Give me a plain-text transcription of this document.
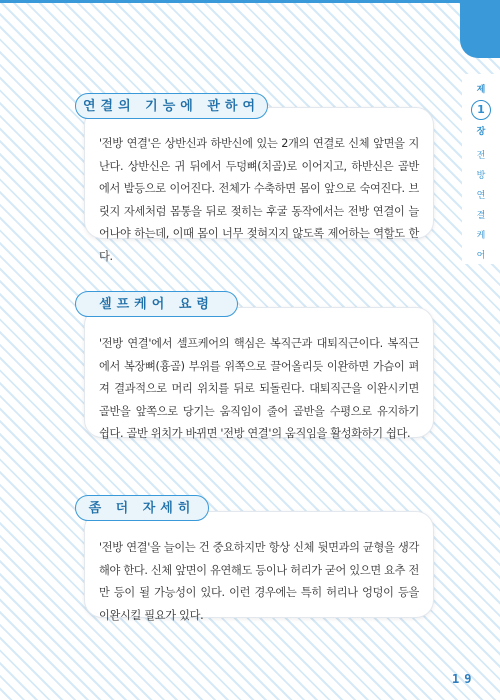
제
1
장
전
방
연
결
케
어

'전방 연결'은 상반신과 하반신에 있는 2개의 연결로 신체 앞면을 지난다. 상반신은 귀 뒤에서 두덩뼈(치골)로 이어지고, 하반신은 골반에서 발등으로 이어진다. 전체가 수축하면 몸이 앞으로 숙여진다. 브릿지 자세처럼 몸통을 뒤로 젖히는 후굴 동작에서는 전방 연결이 늘어나야 하는데, 이때 몸이 너무 젖혀지지 않도록 제어하는 역할도 한다.

연결의 기능에 관하여

'전방 연결'에서 셀프케어의 핵심은 복직근과 대퇴직근이다. 복직근에서 복장뼈(흉골) 부위를 위쪽으로 끌어올리듯 이완하면 가슴이 펴져 결과적으로 머리 위치를 뒤로 되돌린다. 대퇴직근을 이완시키면 골반을 앞쪽으로 당기는 움직임이 줄어 골반을 수평으로 유지하기 쉽다. 골반 위치가 바뀌면 '전방 연결'의 움직임을 활성화하기 쉽다.

셀프케어 요령

'전방 연결'을 늘이는 건 중요하지만 항상 신체 뒷면과의 균형을 생각해야 한다. 신체 앞면이 유연해도 등이나 허리가 굳어 있으면 요추 전만 등이 될 가능성이 있다. 이런 경우에는 특히 허리나 엉덩이 등을 이완시킬 필요가 있다.

좀 더 자세히
19
